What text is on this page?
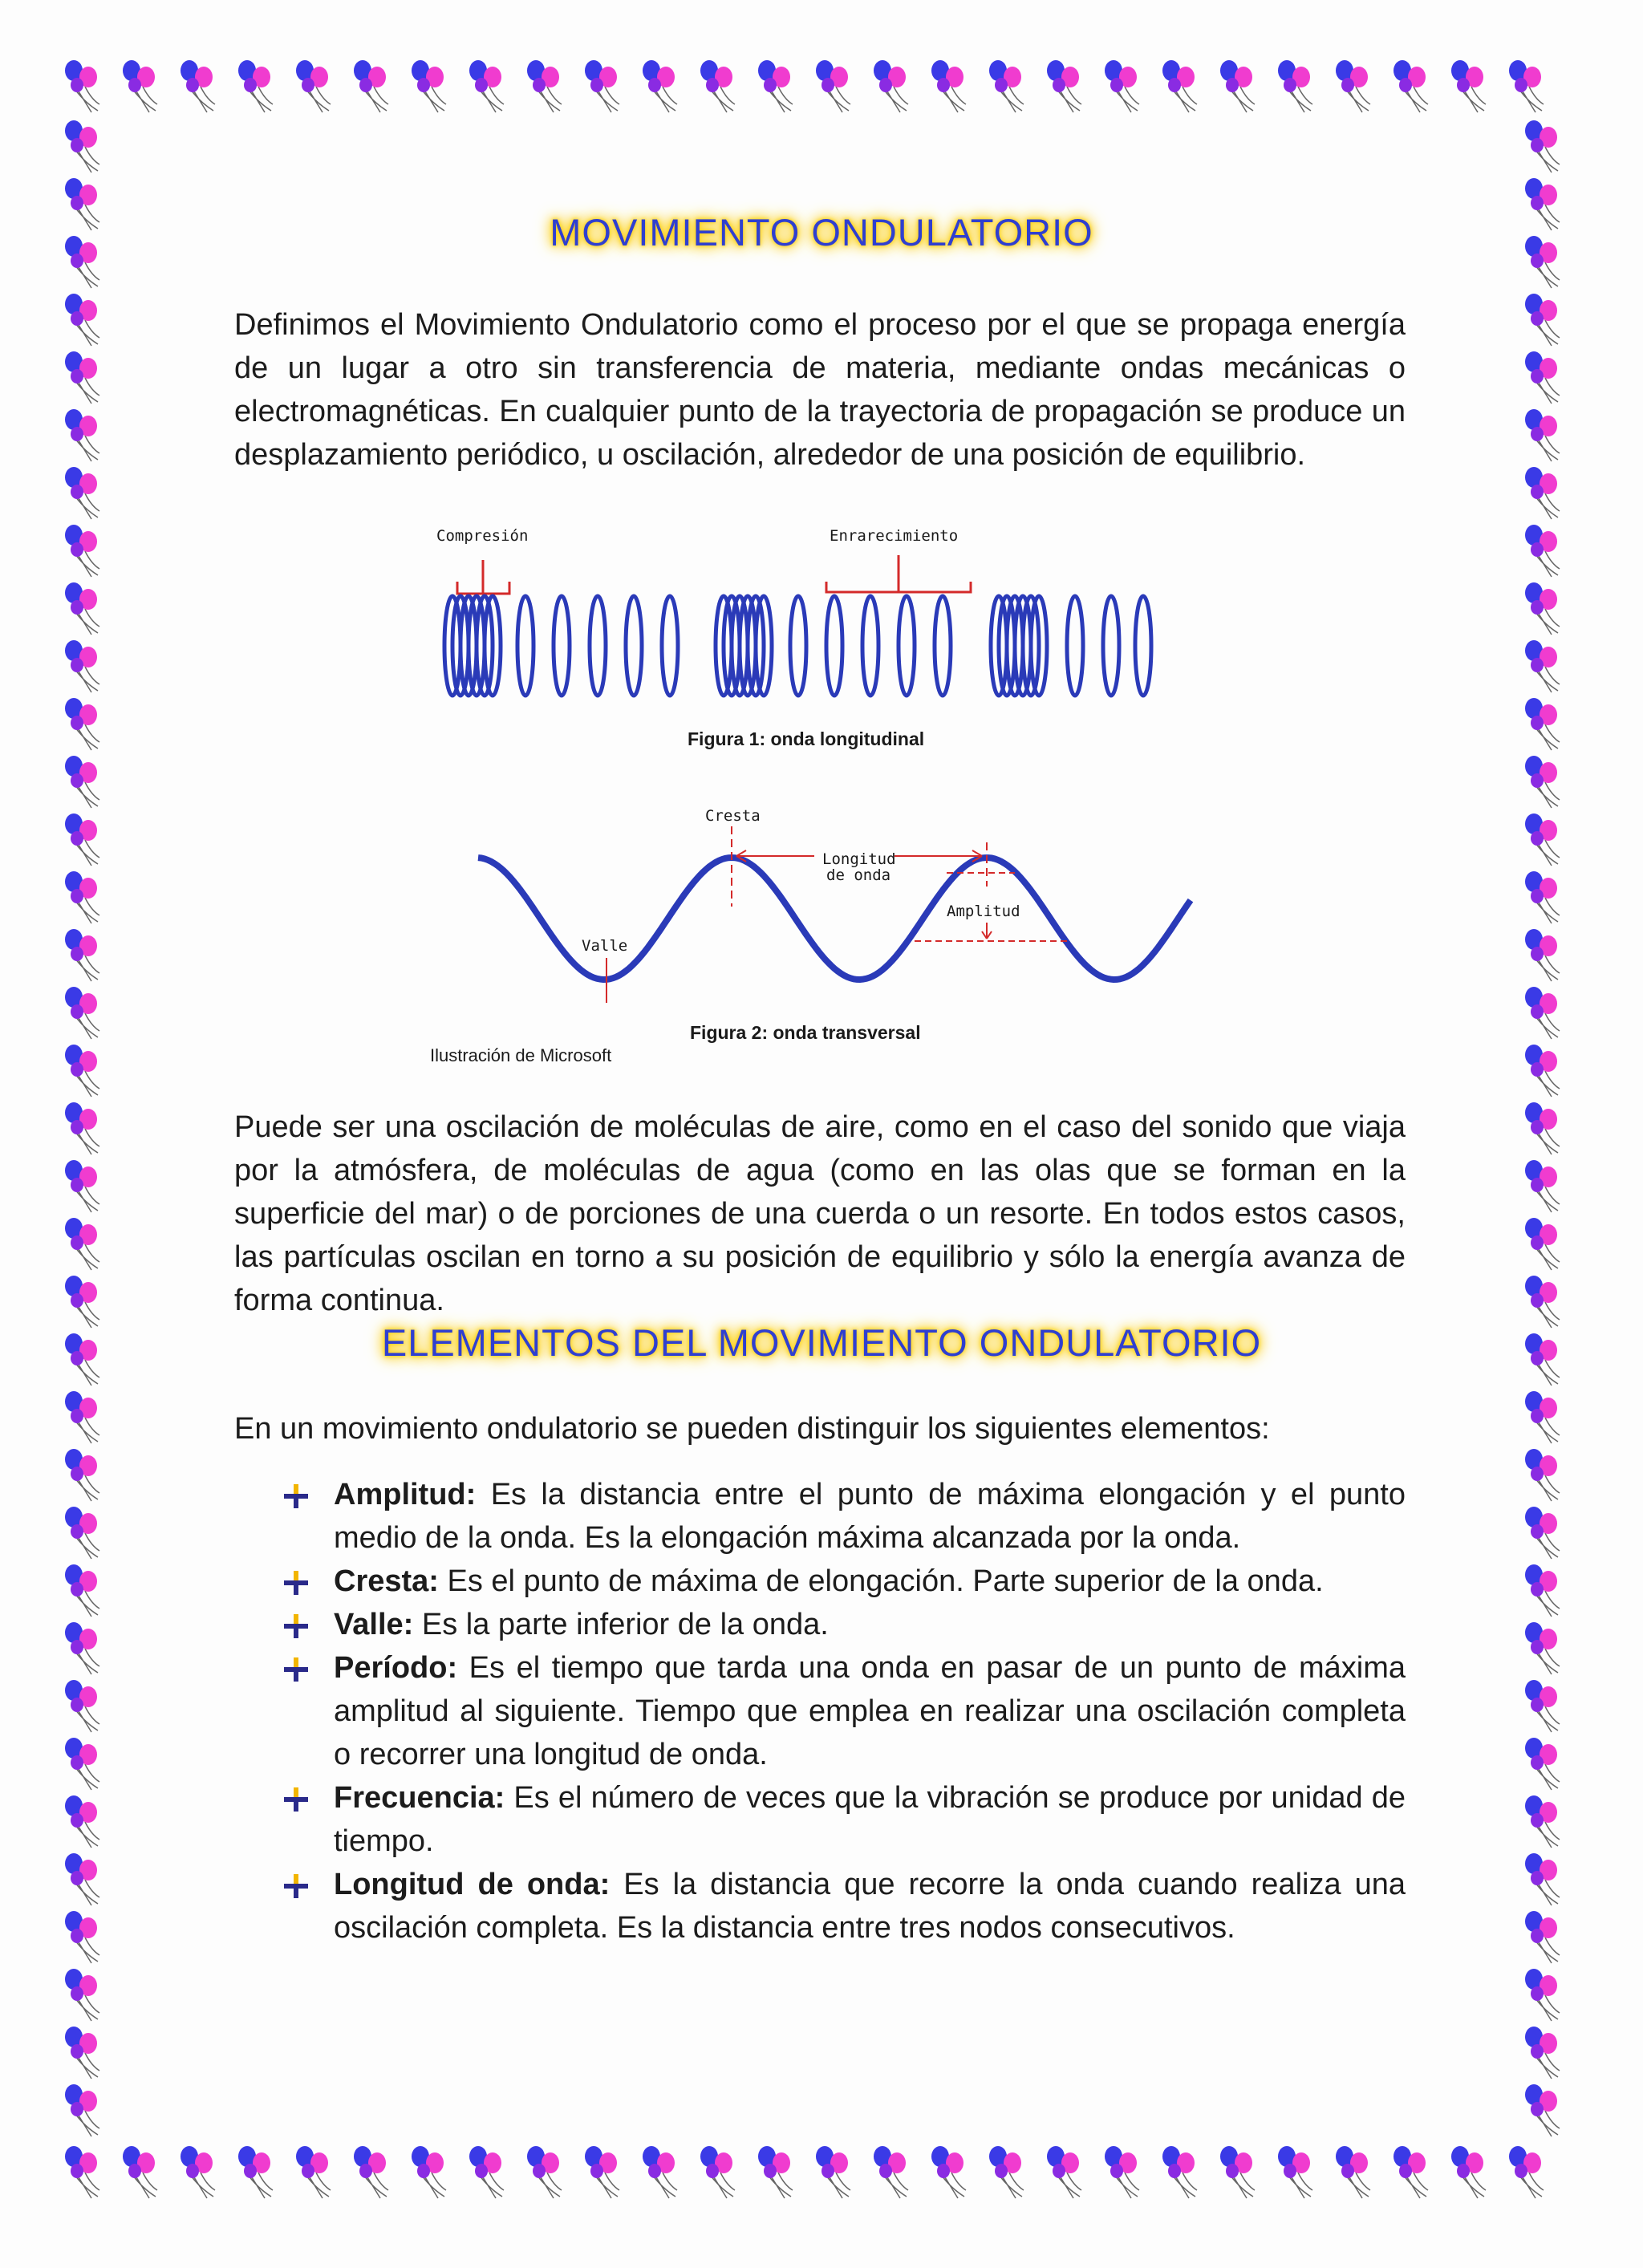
MOVIMIENTO ONDULATORIO

Definimos el Movimiento Ondulatorio como el proceso por el que se propaga energía de un lugar a otro sin transferencia de materia, mediante ondas mecánicas o electromagnéticas. En cualquier punto de la trayectoria de propagación se produce un desplazamiento periódico, u oscilación, alrededor de una posición de equilibrio.

Compresión	Enrarecimiento
Figura 1: onda longitudinal
Cresta
Longitud
de onda
Amplitud
Valle
Figura 2: onda transversal
Ilustración de Microsoft

Puede ser una oscilación de moléculas de aire, como en el caso del sonido que viaja por la atmósfera, de moléculas de agua (como en las olas que se forman en la superficie del mar) o de porciones de una cuerda o un resorte. En todos estos casos, las partículas oscilan en torno a su posición de equilibrio y sólo la energía avanza de forma continua.

ELEMENTOS DEL MOVIMIENTO ONDULATORIO

En un movimiento ondulatorio se pueden distinguir los siguientes elementos:

Amplitud: Es la distancia entre el punto de máxima elongación y el punto medio de la onda. Es la elongación máxima alcanzada por la onda.
Cresta: Es el punto de máxima de elongación. Parte superior de la onda.
Valle: Es la parte inferior de la onda.
Período: Es el tiempo que tarda una onda en pasar de un punto de máxima amplitud al siguiente. Tiempo que emplea en realizar una oscilación completa o recorrer una longitud de onda.
Frecuencia: Es el número de veces que la vibración se produce por unidad de tiempo.
Longitud de onda: Es la distancia que recorre la onda cuando realiza una oscilación completa. Es la distancia entre tres nodos consecutivos.
